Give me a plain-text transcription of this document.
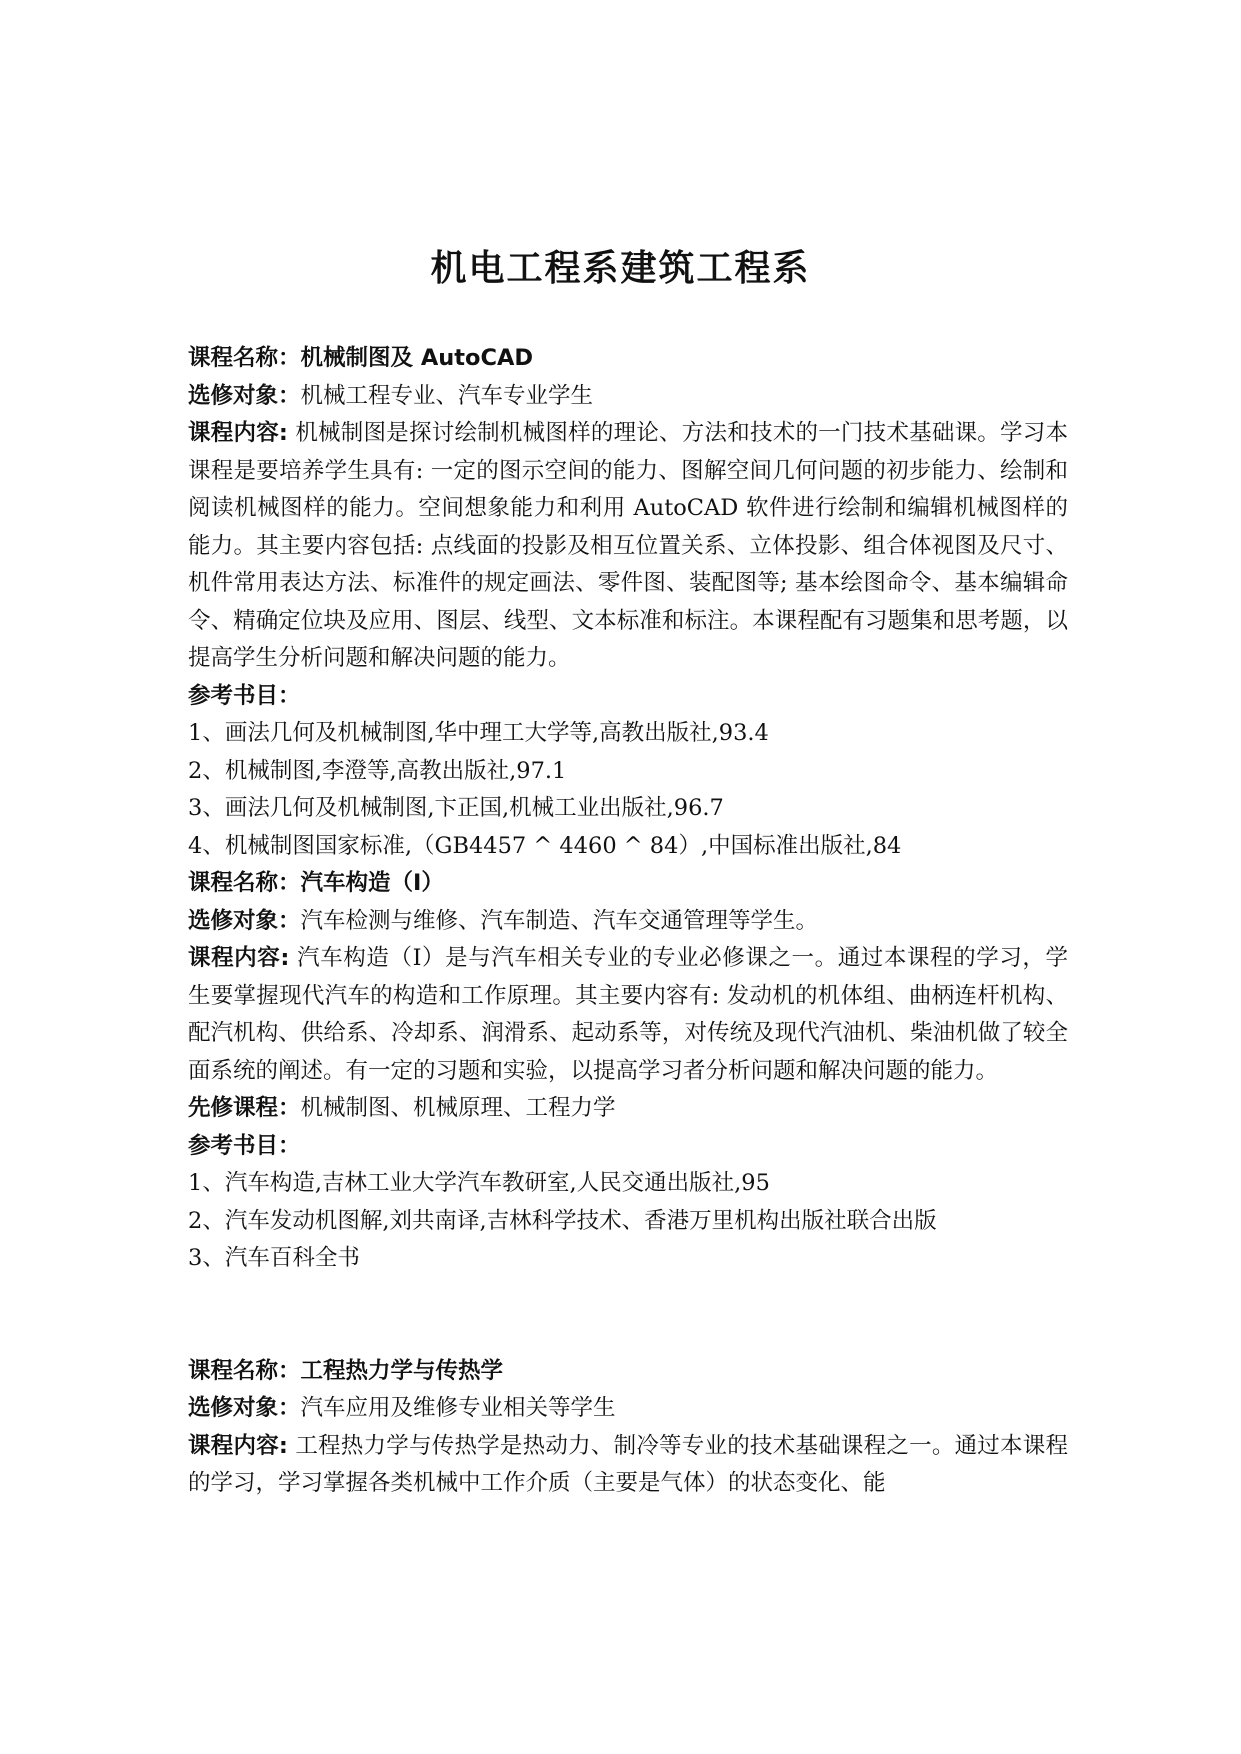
机电工程系建筑工程系
课程名称：机械制图及 AutoCAD
选修对象：机械工程专业、汽车专业学生
课程内容: 机械制图是探讨绘制机械图样的理论、方法和技术的一门技术基础课。学习本课程是要培养学生具有: 一定的图示空间的能力、图解空间几何问题的初步能力、绘制和阅读机械图样的能力。空间想象能力和利用 AutoCAD 软件进行绘制和编辑机械图样的能力。其主要内容包括: 点线面的投影及相互位置关系、立体投影、组合体视图及尺寸、机件常用表达方法、标准件的规定画法、零件图、装配图等; 基本绘图命令、基本编辑命令、精确定位块及应用、图层、线型、文本标准和标注。本课程配有习题集和思考题，以提高学生分析问题和解决问题的能力。
参考书目：
1、画法几何及机械制图,华中理工大学等,高教出版社,93.4
2、机械制图,李澄等,高教出版社,97.1
3、画法几何及机械制图,卞正国,机械工业出版社,96.7
4、机械制图国家标准,（GB4457 ^ 4460 ^ 84）,中国标准出版社,84
课程名称：汽车构造（Ⅰ）
选修对象：汽车检测与维修、汽车制造、汽车交通管理等学生。
课程内容: 汽车构造（Ⅰ）是与汽车相关专业的专业必修课之一。通过本课程的学习，学生要掌握现代汽车的构造和工作原理。其主要内容有: 发动机的机体组、曲柄连杆机构、配汽机构、供给系、冷却系、润滑系、起动系等，对传统及现代汽油机、柴油机做了较全面系统的阐述。有一定的习题和实验，以提高学习者分析问题和解决问题的能力。
先修课程：机械制图、机械原理、工程力学
参考书目：
1、汽车构造,吉林工业大学汽车教研室,人民交通出版社,95
2、汽车发动机图解,刘共南译,吉林科学技术、香港万里机构出版社联合出版
3、汽车百科全书
课程名称：工程热力学与传热学
选修对象：汽车应用及维修专业相关等学生
课程内容: 工程热力学与传热学是热动力、制冷等专业的技术基础课程之一。通过本课程的学习，学习掌握各类机械中工作介质（主要是气体）的状态变化、能
